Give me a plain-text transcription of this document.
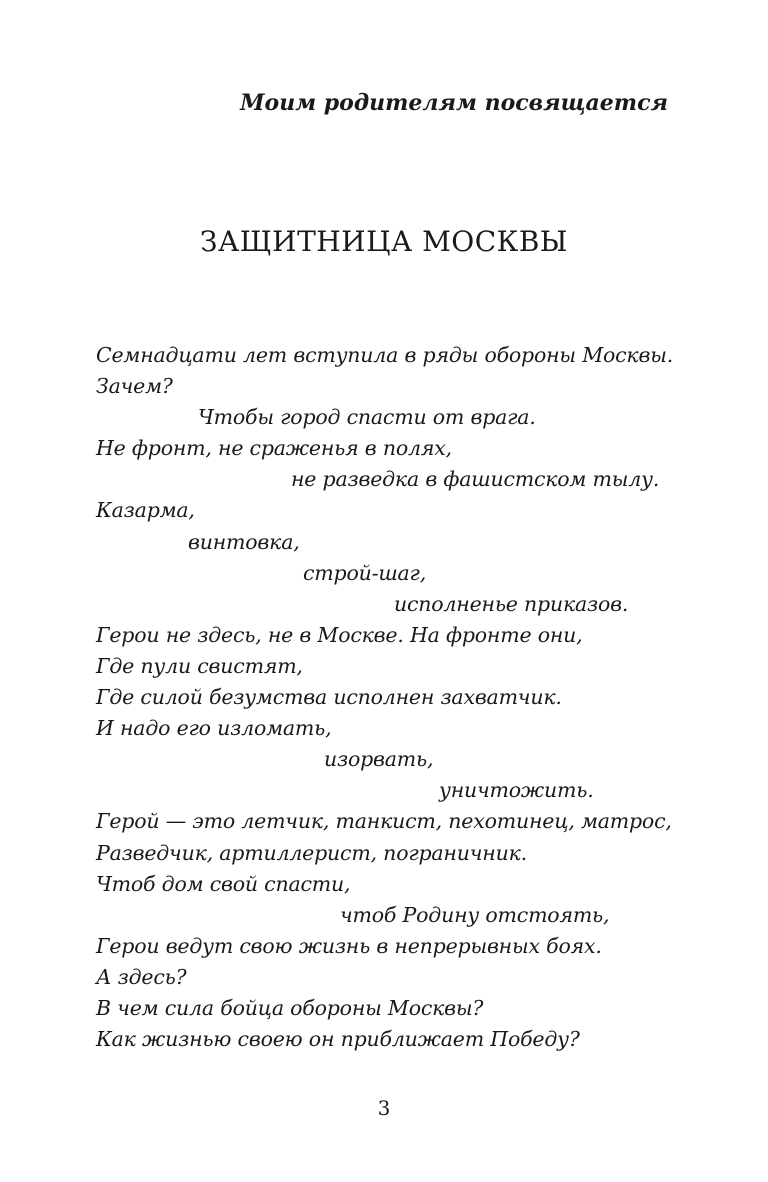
Моим родителям посвящается
ЗАЩИТНИЦА МОСКВЫ
Семнадцати лет вступила в ряды обороны Москвы.
Зачем?
Чтобы город спасти от врага.
Не фронт, не сраженья в полях,
не разведка в фашистском тылу.
Казарма,
винтовка,
строй-шаг,
исполненье приказов.
Герои не здесь, не в Москве. На фронте они,
Где пули свистят,
Где силой безумства исполнен захватчик.
И надо его изломать,
изорвать,
уничтожить.
Герой — это летчик, танкист, пехотинец, матрос,
Разведчик, артиллерист, пограничник.
Чтоб дом свой спасти,
чтоб Родину отстоять,
Герои ведут свою жизнь в непрерывных боях.
А здесь?
В чем сила бойца обороны Москвы?
Как жизнью своею он приближает Победу?
3
